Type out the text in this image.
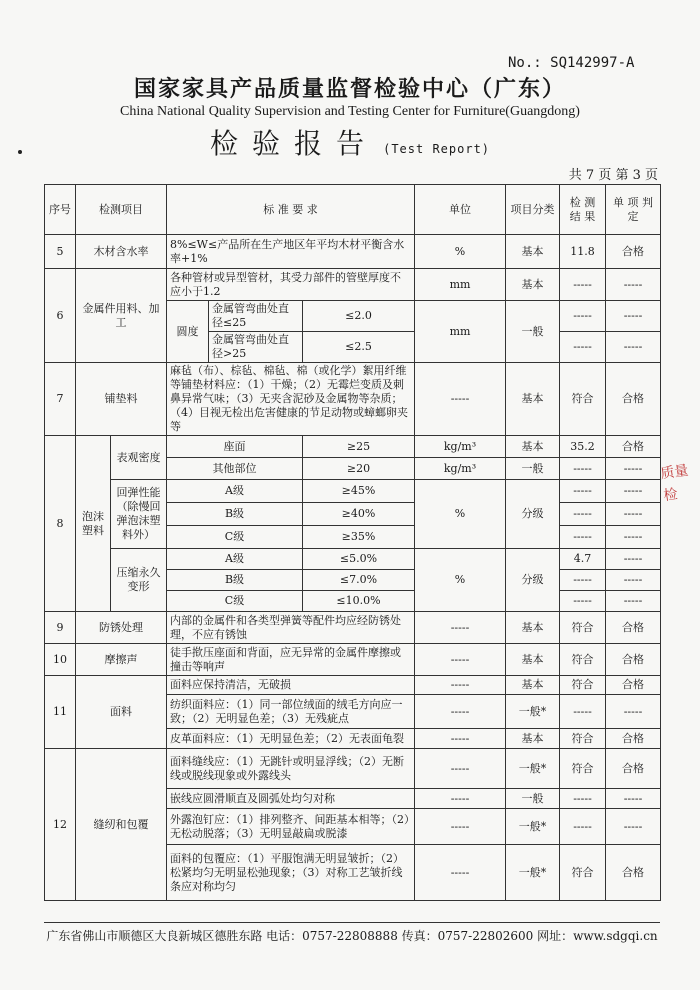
No.: SQ142997-A
国家家具产品质量监督检验中心（广东）
China National Quality Supervision and Testing Center for Furniture(Guangdong)
检验报告 (Test Report)
共 7 页 第 3 页
序号	检测项目		标 准 要 求			单位	项目分类	检 测 结 果	单 项 判 定
5	木材含水率		8%≤W≤产品所在生产地区年平均木材平衡含水率+1%			%	基本	11.8	合格
6	金属件用料、加工		各种管材或异型管材，其受力部件的管壁厚度不应小于1.2			mm	基本	-----	-----
			圆度	金属管弯曲处直径≤25	≤2.0	mm	一般	-----	-----
				金属管弯曲处直径>25	≤2.5			-----	-----
7	铺垫料		麻毡（布）、棕毡、棉毡、棉（或化学）絮用纤维等铺垫材料应：（1）干燥；（2）无霉烂变质及刺鼻异常气味；（3）无夹含泥砂及金属物等杂质；（4）目视无检出危害健康的节足动物或蟑螂卵夹等			-----	基本	符合	合格
8	泡沫塑料	表观密度	座面		≥25	kg/m³	基本	35.2	合格
			其他部位		≥20	kg/m³	一般	-----	-----
		回弹性能（除慢回弹泡沫塑料外）	A级		≥45%	%	分级	-----	-----
			B级		≥40%			-----	-----
			C级		≥35%			-----	-----
		压缩永久变形	A级		≤5.0%	%	分级	4.7	-----
			B级		≤7.0%			-----	-----
			C级		≤10.0%			-----	-----
9	防锈处理		内部的金属件和各类型弹簧等配件均应经防锈处理，不应有锈蚀			-----	基本	符合	合格
10	摩擦声		徒手揿压座面和背面，应无异常的金属件摩擦或撞击等响声			-----	基本	符合	合格
11	面料		面料应保持清洁，无破损			-----	基本	符合	合格
			纺织面料应：（1）同一部位绒面的绒毛方向应一致；（2）无明显色差；（3）无残疵点			-----	一般*	-----	-----
			皮革面料应：（1）无明显色差；（2）无表面龟裂			-----	基本	符合	合格
12	缝纫和包覆		面料缝线应：（1）无跳针或明显浮线；（2）无断线或脱线现象或外露线头			-----	一般*	符合	合格
			嵌线应圆滑顺直及圆弧处均匀对称			-----	一般	-----	-----
			外露泡钉应：（1）排列整齐、间距基本相等；（2）无松动脱落；（3）无明显敲扁或脱漆			-----	一般*	-----	-----
			面料的包覆应：（1）平服饱满无明显皱折；（2）松紧均匀无明显松弛现象；（3）对称工艺皱折线条应对称均匀			-----	一般*	符合	合格
广东省佛山市顺德区大良新城区德胜东路 电话：0757-22808888 传真：0757-22802600 网址：www.sdgqi.cn
质量检
